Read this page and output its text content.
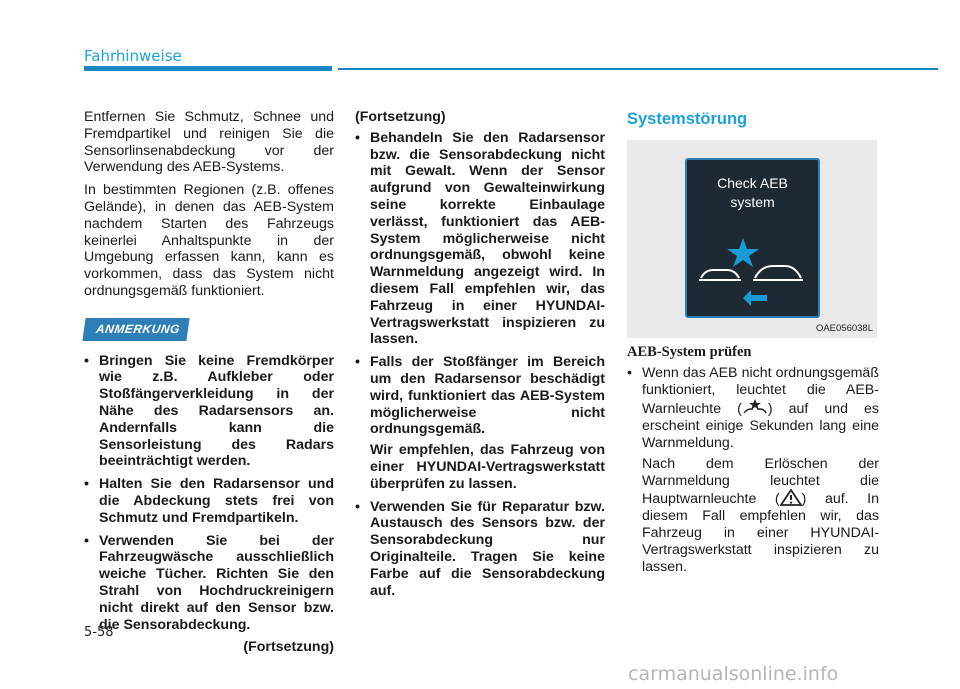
Fahrhinweise

Entfernen Sie Schmutz, Schnee und Fremdpartikel und reinigen Sie die Sensorlinsenabdeckung vor der Verwendung des AEB-Systems.

In bestimmten Regionen (z.B. offenes Gelände), in denen das AEB-System nachdem Starten des Fahrzeugs keinerlei Anhaltspunkte in der Umgebung erfassen kann, kann es vorkommen, dass das System nicht ordnungsgemäß funktioniert.

ANMERKUNG
• Bringen Sie keine Fremdkörper wie z.B. Aufkleber oder Stoßfängerverkleidung in der Nähe des Radarsensors an. Andernfalls kann die Sensorleistung des Radars beeinträchtigt werden.
• Halten Sie den Radarsensor und die Abdeckung stets frei von Schmutz und Fremdpartikeln.
• Verwenden Sie bei der Fahrzeugwäsche ausschließlich weiche Tücher. Richten Sie den Strahl von Hochdruckreinigern nicht direkt auf den Sensor bzw. die Sensorabdeckung.
(Fortsetzung)
(Fortsetzung)
• Behandeln Sie den Radarsensor bzw. die Sensorabdeckung nicht mit Gewalt. Wenn der Sensor aufgrund von Gewalteinwirkung seine korrekte Einbaulage verlässt, funktioniert das AEB-System möglicherweise nicht ordnungsgemäß, obwohl keine Warnmeldung angezeigt wird. In diesem Fall empfehlen wir, das Fahrzeug in einer HYUNDAI-Vertragswerkstatt inspizieren zu lassen.
• Falls der Stoßfänger im Bereich um den Radarsensor beschädigt wird, funktioniert das AEB-System möglicherweise nicht ordnungsgemäß.
Wir empfehlen, das Fahrzeug von einer HYUNDAI-Vertragswerkstatt überprüfen zu lassen.
• Verwenden Sie für Reparatur bzw. Austausch des Sensors bzw. der Sensorabdeckung nur Originalteile. Tragen Sie keine Farbe auf die Sensorabdeckung auf.
Systemstörung
Check AEB
system
OAE056038L
AEB-System prüfen
• Wenn das AEB nicht ordnungsgemäß funktioniert, leuchtet die AEB-Warnleuchte ( ) auf und es erscheint einige Sekunden lang eine Warnmeldung.
Nach dem Erlöschen der Warnmeldung leuchtet die Hauptwarnleuchte ( ) auf. In diesem Fall empfehlen wir, das Fahrzeug in einer HYUNDAI-Vertragswerkstatt inspizieren zu lassen.
5-58
carmanualsonline.info
